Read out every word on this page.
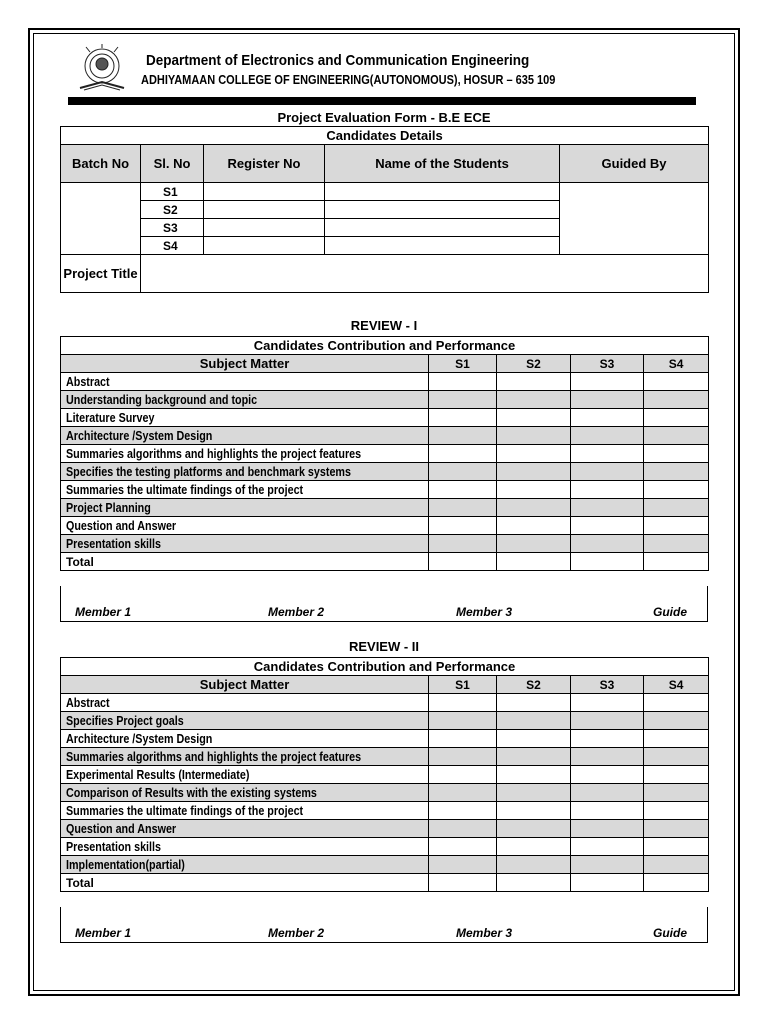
Department of Electronics and Communication Engineering
ADHIYAMAAN COLLEGE OF ENGINEERING(AUTONOMOUS), HOSUR – 635 109
Project Evaluation Form - B.E ECE
Candidates Details				
Batch No	Sl. No	Register No	Name of the Students	Guided By
	S1			
	S2			
	S3			
	S4			
Project Title				
REVIEW - I
Candidates Contribution and Performance				
Subject Matter	S1	S2	S3	S4
Abstract				
Understanding background and topic				
Literature Survey				
Architecture /System Design				
Summaries algorithms and highlights the project features				
Specifies the testing platforms and benchmark systems				
Summaries the ultimate findings of the project				
Project Planning				
Question and Answer				
Presentation skills				
Total				
Member 1	Member 2	Member 3	Guide
REVIEW - II
Candidates Contribution and Performance				
Subject Matter	S1	S2	S3	S4
Abstract				
Specifies Project goals				
Architecture /System Design				
Summaries algorithms and highlights the project features				
Experimental Results (Intermediate)				
Comparison of Results with the existing systems				
Summaries the ultimate findings of the project				
Question and Answer				
Presentation skills				
Implementation(partial)				
Total				
Member 1	Member 2	Member 3	Guide
